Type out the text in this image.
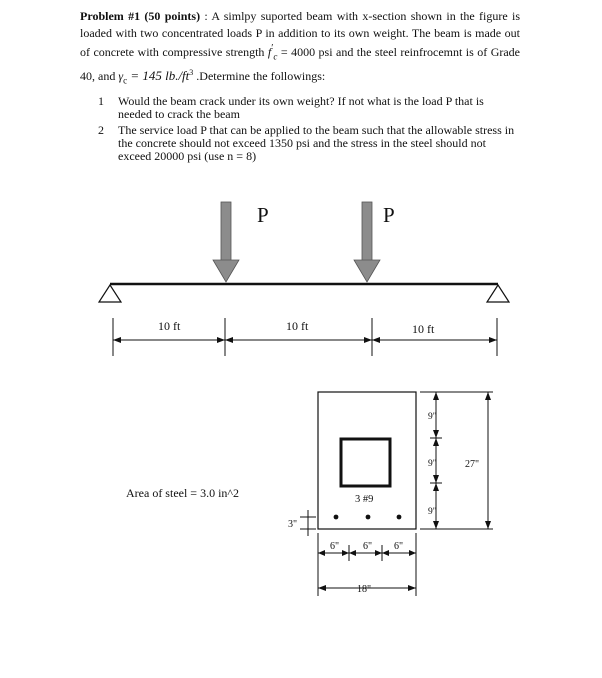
Problem #1 (50 points) : A simlpy suported beam with x-section shown in the figure is loaded with two concentrated loads P in addition to its own weight. The beam is made out of concrete with compressive strength $f'_c = 4000$ psi and the steel reinfrocemnt is of Grade 40, and $\gamma_c = 145$ $lb./ft^3$ .Determine the followings:
1 Would the beam crack under its own weight? If not what is the load P that is needed to crack the beam
2 The service load P that can be applied to the beam such that the allowable stress in the concrete should not exceed 1350 psi and the stress in the steel should not exceed 20000 psi (use n = 8)
P	P
10 ft	10 ft	10 ft
3 #9
Area of steel = 3.0 in^2
3"
6" 6" 6"
18"
9"
9"
9"
27"
